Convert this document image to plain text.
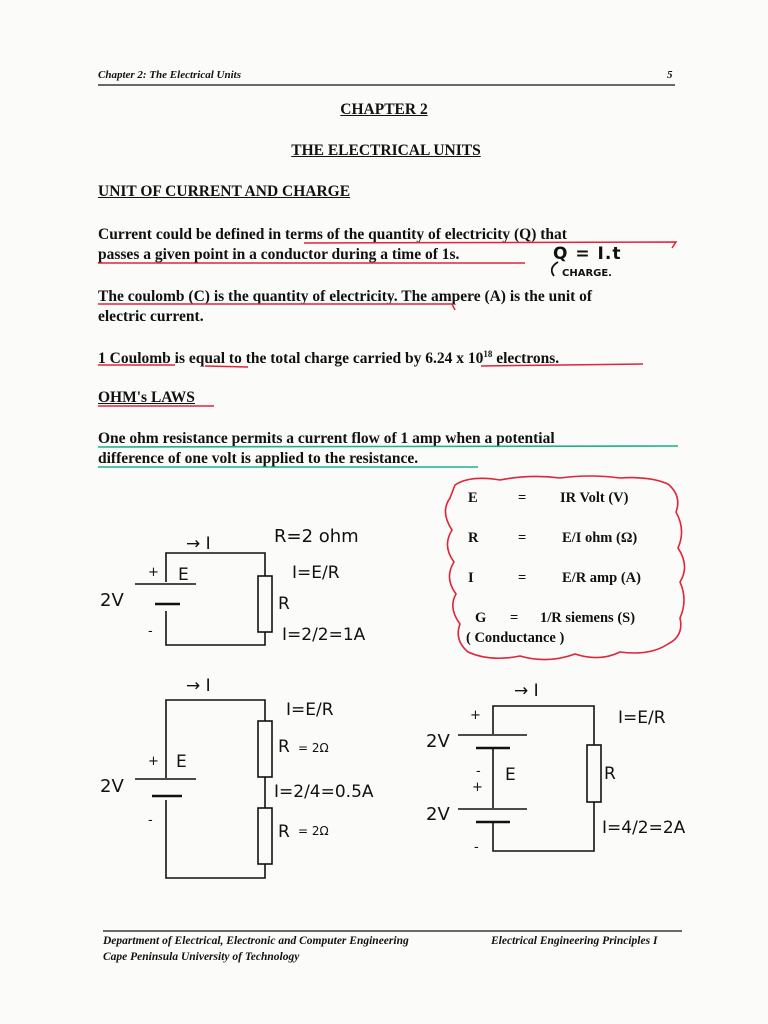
Chapter 2: The Electrical Units	5
CHAPTER 2
THE ELECTRICAL UNITS
UNIT OF CURRENT AND CHARGE
Current could be defined in terms of the quantity of electricity (Q) that
passes a given point in a conductor during a time of 1s.
The coulomb (C) is the quantity of electricity. The ampere (A) is the unit of
electric current.
1 Coulomb is equal to the total charge carried by 6.24 x $10^{18}$ electrons.
Q = I.t
CHARGE.
OHM's LAWS
One ohm resistance permits a current flow of 1 amp when a potential
difference of one volt is applied to the resistance.
E	= IR Volt (V)
R	= E/I ohm (Ω)
I	= E/R amp (A)
G = 1/R siemens (S)
( Conductance )
→ I	R=2 ohm
+ E	I=E/R
2V	R
-	I=2/2=1A
→ I
I=E/R
R = 2Ω
+ E
2V	I=2/4=0.5A
-
R = 2Ω
→ I
+	I=E/R
2V
- E	R
+
2V
I=4/2=2A
-
Department of Electrical, Electronic and Computer Engineering
Cape Peninsula University of Technology
Electrical Engineering Principles I
